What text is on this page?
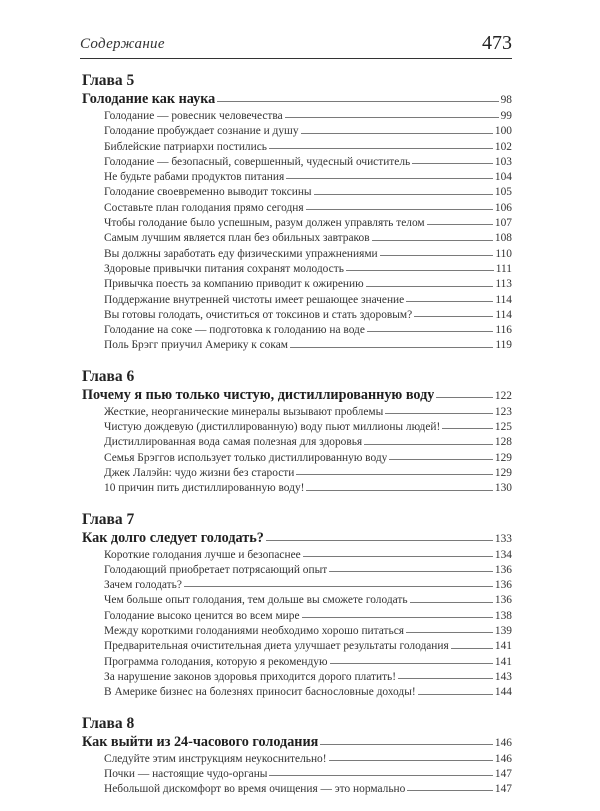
Содержание	473
Глава 5
Голодание как наука	98
Голодание — ровесник человечества	99
Голодание пробуждает сознание и душу	100
Библейские патриархи постились	102
Голодание — безопасный, совершенный, чудесный очиститель	103
Не будьте рабами продуктов питания	104
Голодание своевременно выводит токсины	105
Составьте план голодания прямо сегодня	106
Чтобы голодание было успешным, разум должен управлять телом	107
Самым лучшим является план без обильных завтраков	108
Вы должны заработать еду физическими упражнениями	110
Здоровые привычки питания сохранят молодость	111
Привычка поесть за компанию приводит к ожирению	113
Поддержание внутренней чистоты имеет решающее значение	114
Вы готовы голодать, очиститься от токсинов и стать здоровым?	114
Голодание на соке — подготовка к голоданию на воде	116
Поль Брэгг приучил Америку к сокам	119
Глава 6
Почему я пью только чистую, дистиллированную воду	122
Жесткие, неорганические минералы вызывают проблемы	123
Чистую дождевую (дистиллированную) воду пьют миллионы людей!	125
Дистиллированная вода самая полезная для здоровья	128
Семья Брэггов использует только дистиллированную воду	129
Джек Лалэйн: чудо жизни без старости	129
10 причин пить дистиллированную воду!	130
Глава 7
Как долго следует голодать?	133
Короткие голодания лучше и безопаснее	134
Голодающий приобретает потрясающий опыт	136
Зачем голодать?	136
Чем больше опыт голодания, тем дольше вы сможете голодать	136
Голодание высоко ценится во всем мире	138
Между короткими голоданиями необходимо хорошо питаться	139
Предварительная очистительная диета улучшает результаты голодания	141
Программа голодания, которую я рекомендую	141
За нарушение законов здоровья приходится дорого платить!	143
В Америке бизнес на болезнях приносит баснословные доходы!	144
Глава 8
Как выйти из 24-часового голодания	146
Следуйте этим инструкциям неукоснительно!	146
Почки — настоящие чудо-органы	147
Небольшой дискомфорт во время очищения — это нормально	147
